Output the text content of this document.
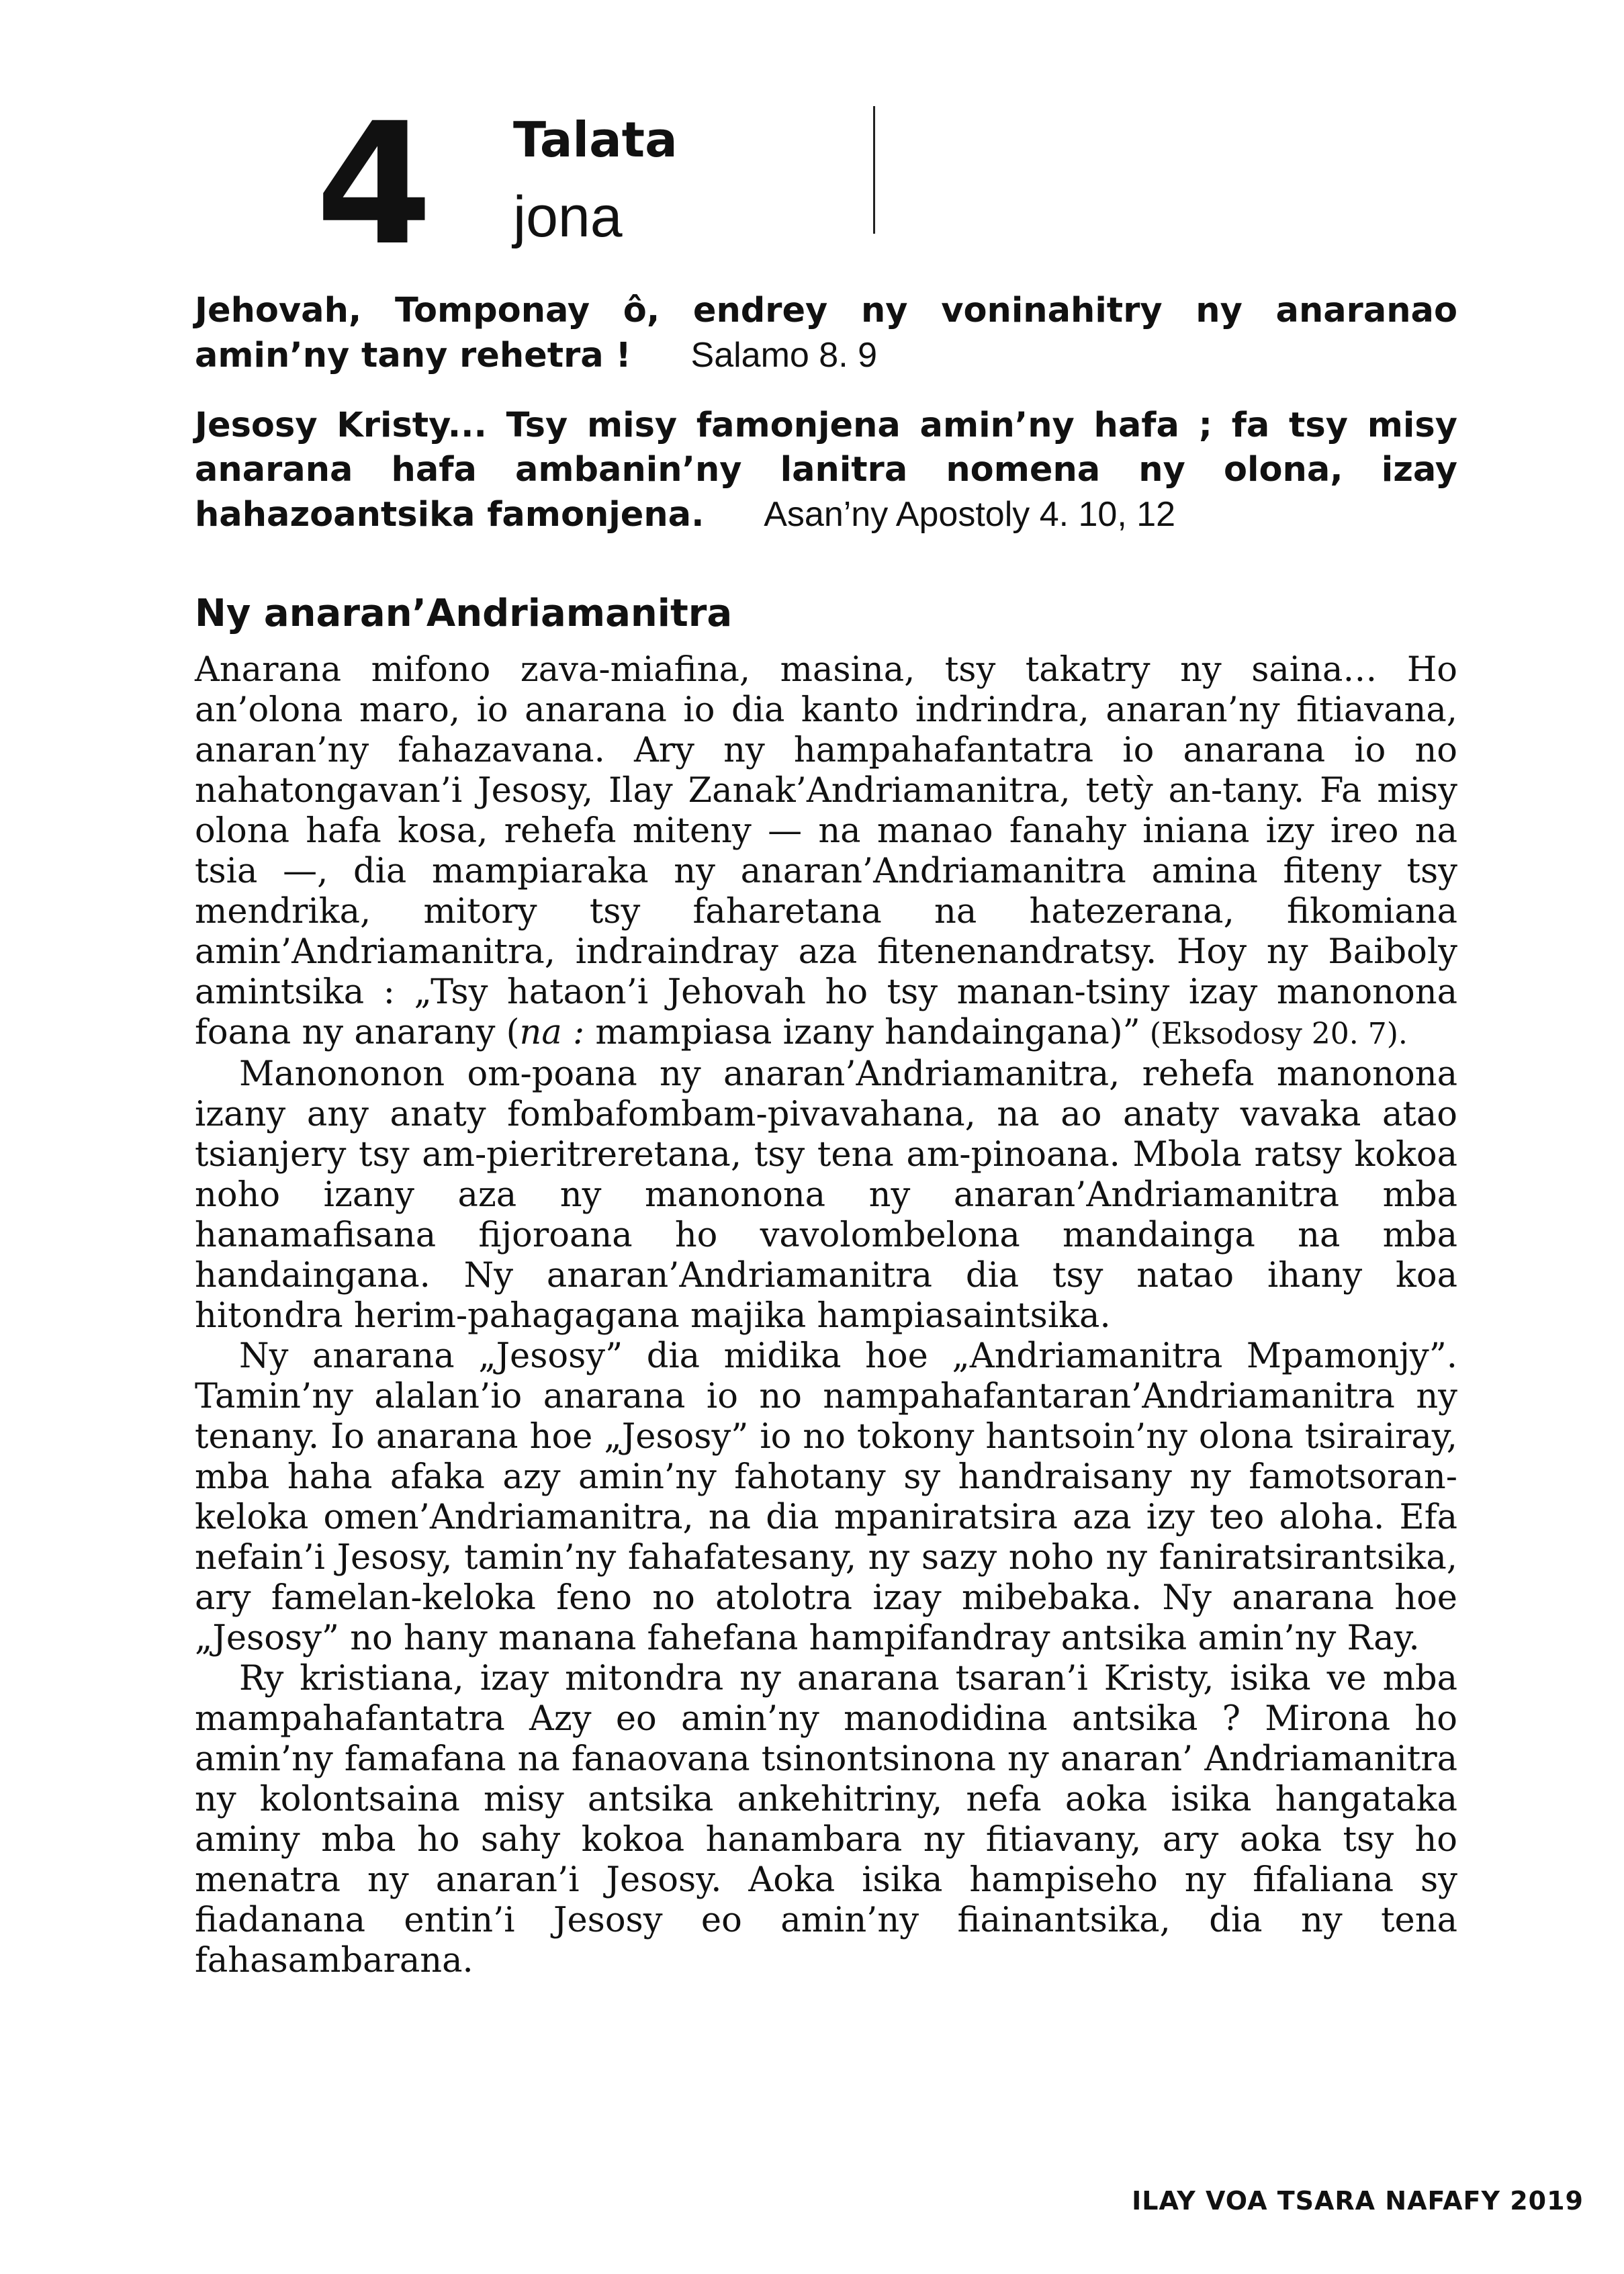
4 Talata
jona

Jehovah, Tomponay ô, endrey ny voninahitry ny anaranao amin’ny tany rehetra ! Salamo 8. 9

Jesosy Kristy... Tsy misy famonjena amin’ny hafa ; fa tsy misy anarana hafa ambanin’ny lanitra nomena ny olona, izay hahazoantsika famonjena. Asan’ny Apostoly 4. 10, 12

Ny anaran’Andriamanitra

Anarana mifono zava-miafina, masina, tsy takatry ny saina… Ho an’olona maro, io anarana io dia kanto indrindra, anaran’ny fitiavana, anaran’ny fahazavana. Ary ny hampahafantatra io anarana io no nahatongavan’i Jesosy, Ilay Zanak’Andriamanitra, tetỳ an-tany. Fa misy olona hafa kosa, rehefa miteny — na manao fanahy iniana izy ireo na tsia —, dia mampiaraka ny anaran’Andriamanitra amina fiteny tsy mendrika, mitory tsy faharetana na hatezerana, fikomiana amin’Andriamanitra, indraindray aza fitenenandratsy. Hoy ny Baiboly amintsika : „Tsy hataon’i Jehovah ho tsy manan-tsiny izay manonona foana ny anarany (na : mampiasa izany handaingana)” (Eksodosy 20. 7).

Manononon om-poana ny anaran’Andriamanitra, rehefa manonona izany any anaty fombafombam-pivavahana, na ao anaty vavaka atao tsianjery tsy am-pieritreretana, tsy tena am-pinoana. Mbola ratsy kokoa noho izany aza ny manonona ny anaran’Andriamanitra mba hanamafisana fijoroana ho vavolombelona mandainga na mba handaingana. Ny anaran’Andriamanitra dia tsy natao ihany koa hitondra herim-pahagagana majika hampiasaintsika.

Ny anarana „Jesosy” dia midika hoe „Andriamanitra Mpamonjy”. Tamin’ny alalan’io anarana io no nampahafantaran’Andriamanitra ny tenany. Io anarana hoe „Jesosy” io no tokony hantsoin’ny olona tsirairay, mba haha afaka azy amin’ny fahotany sy handraisany ny famotsoran-keloka omen’Andriamanitra, na dia mpaniratsira aza izy teo aloha. Efa nefain’i Jesosy, tamin’ny fahafatesany, ny sazy noho ny faniratsirantsika, ary famelan-keloka feno no atolotra izay mibebaka. Ny anarana hoe „Jesosy” no hany manana fahefana hampifandray antsika amin’ny Ray.

Ry kristiana, izay mitondra ny anarana tsaran’i Kristy, isika ve mba mampahafantatra Azy eo amin’ny manodidina antsika ? Mirona ho amin’ny famafana na fanaovana tsinontsinona ny anaran’ Andriamanitra ny kolontsaina misy antsika ankehitriny, nefa aoka isika hangataka aminy mba ho sahy kokoa hanambara ny fitiavany, ary aoka tsy ho menatra ny anaran’i Jesosy. Aoka isika hampiseho ny fifaliana sy fiadanana entin’i Jesosy eo amin’ny fiainantsika, dia ny tena fahasambarana.

ILAY VOA TSARA NAFAFY 2019
